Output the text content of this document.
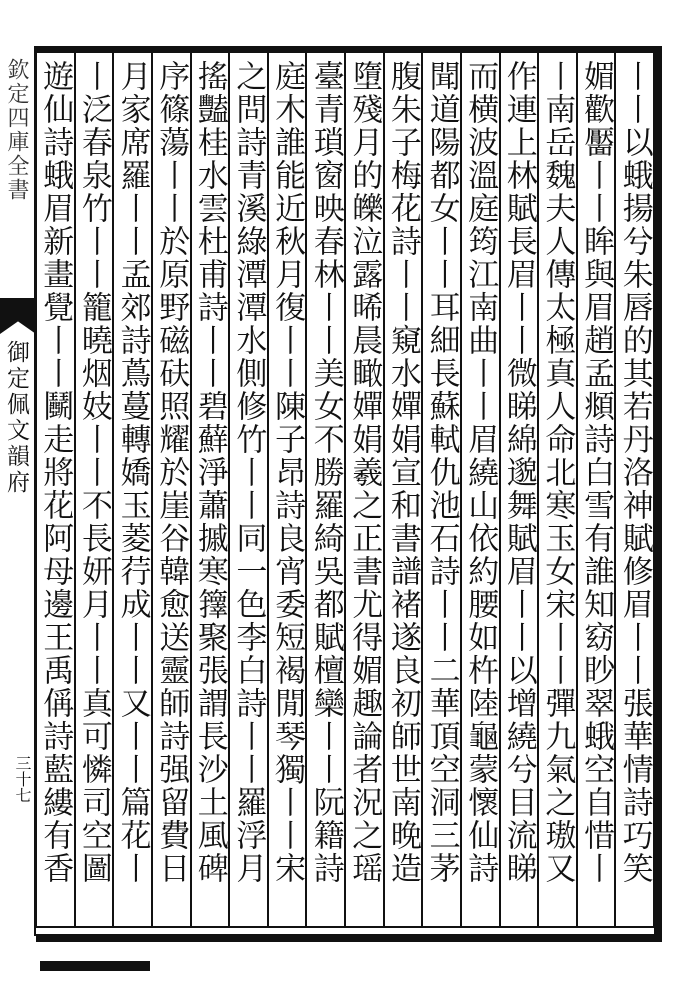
欽定四庫全書
御定佩文韻府
三十七	丨丨以蛾揚兮朱唇的其若丹洛神賦修眉丨丨張華情詩巧笑
媚歡靨丨丨眸與眉趙孟頫詩白雪有誰知窈眇翠蛾空自惜丨
丨南岳魏夫人傳太極真人命北寒玉女宋丨丨彈九氣之璈又
作連上林賦長眉丨丨微睇綿邈舞賦眉丨丨以增繞兮目流睇
而横波溫庭筠江南曲丨丨眉繞山依約腰如杵陸龜蒙懷仙詩
聞道陽都女丨丨耳細長蘇軾仇池石詩丨丨二華頂空洞三茅
腹朱子梅花詩丨丨窺水嬋娟宣和書譜褚遂良初師世南晚造
墮殘月的皪泣露晞晨瞰嬋娟羲之正書尤得媚趣論者況之瑶
臺青瑣窗映春林丨丨美女不勝羅綺吳都賦檀欒丨丨阮籍詩
庭木誰能近秋月復丨丨陳子昂詩良宵委短褐閒琴獨丨丨宋
之問詩青溪綠潭潭水側修竹丨丨同一色李白詩丨丨羅浮月
搖豔桂水雲杜甫詩丨丨碧蘚淨蕭摵寒籜聚張謂長沙土風碑
序篠蕩丨丨於原野磁砆照耀於崖谷韓愈送靈師詩强留費日
月家席羅丨丨孟郊詩蔦蔓轉嬌玉菱荇成丨丨又丨丨篇花丨
丨泛春泉竹丨丨籠曉烟妓丨丨不長妍月丨丨真可憐司空圖
遊仙詩蛾眉新畫覺丨丨鬭走將花阿母邊王禹偁詩藍縷有香
